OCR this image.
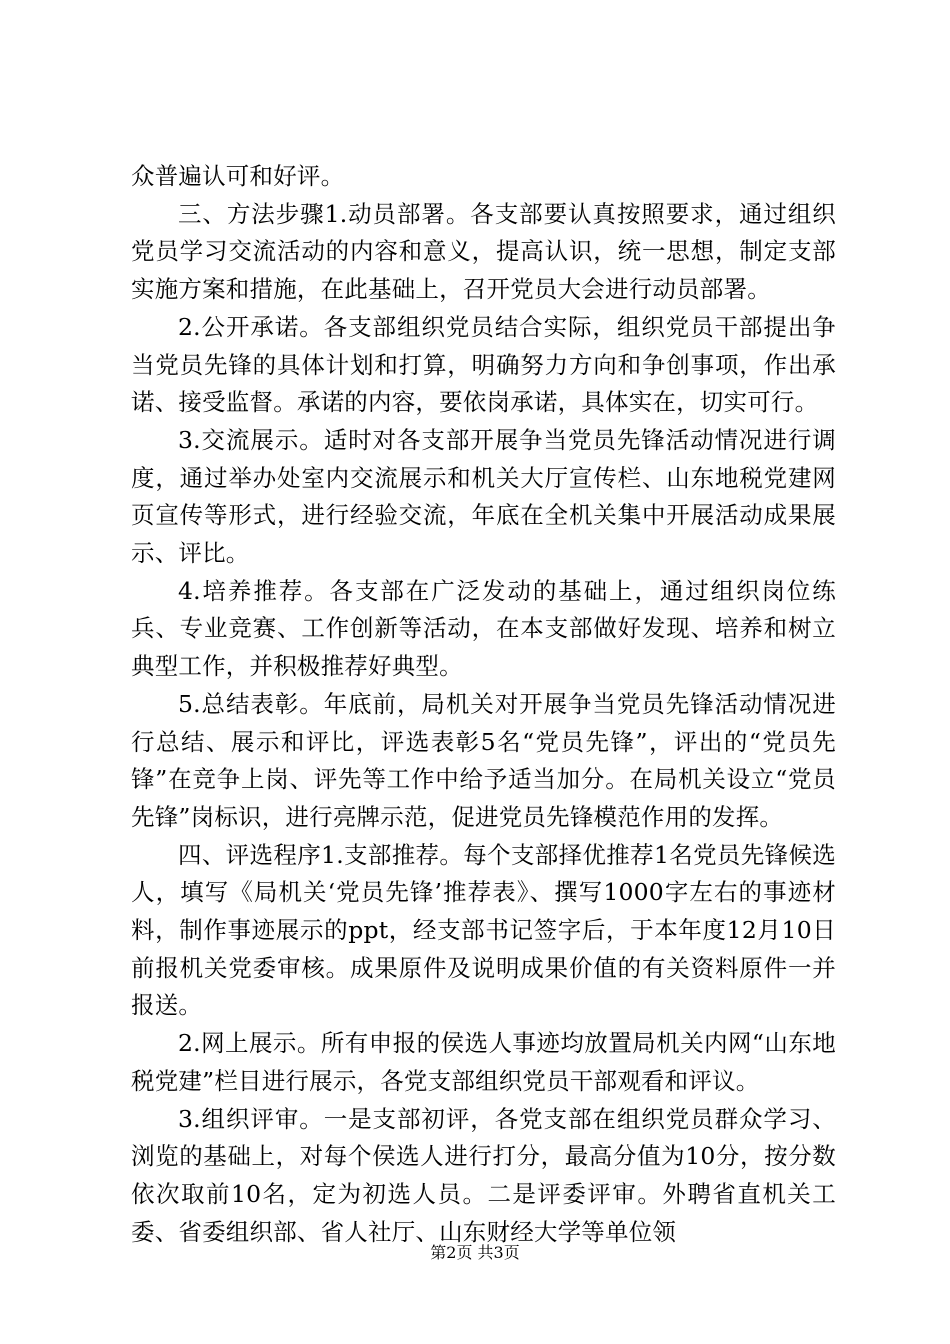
众普遍认可和好评。

三、方法步骤1.动员部署。各支部要认真按照要求，通过组织党员学习交流活动的内容和意义，提高认识，统一思想，制定支部实施方案和措施，在此基础上，召开党员大会进行动员部署。

2.公开承诺。各支部组织党员结合实际，组织党员干部提出争当党员先锋的具体计划和打算，明确努力方向和争创事项，作出承诺、接受监督。承诺的内容，要依岗承诺，具体实在，切实可行。

3.交流展示。适时对各支部开展争当党员先锋活动情况进行调度，通过举办处室内交流展示和机关大厅宣传栏、山东地税党建网页宣传等形式，进行经验交流，年底在全机关集中开展活动成果展示、评比。

4.培养推荐。各支部在广泛发动的基础上，通过组织岗位练兵、专业竞赛、工作创新等活动，在本支部做好发现、培养和树立典型工作，并积极推荐好典型。

5.总结表彰。年底前，局机关对开展争当党员先锋活动情况进行总结、展示和评比，评选表彰5名“党员先锋”，评出的“党员先锋”在竞争上岗、评先等工作中给予适当加分。在局机关设立“党员先锋”岗标识，进行亮牌示范，促进党员先锋模范作用的发挥。

四、评选程序1.支部推荐。每个支部择优推荐1名党员先锋候选人，填写《局机关‘党员先锋’推荐表》、撰写1000字左右的事迹材料，制作事迹展示的ppt，经支部书记签字后，于本年度12月10日前报机关党委审核。成果原件及说明成果价值的有关资料原件一并报送。

2.网上展示。所有申报的侯选人事迹均放置局机关内网“山东地税党建”栏目进行展示，各党支部组织党员干部观看和评议。

3.组织评审。一是支部初评，各党支部在组织党员群众学习、浏览的基础上，对每个侯选人进行打分，最高分值为10分，按分数依次取前10名，定为初选人员。二是评委评审。外聘省直机关工委、省委组织部、省人社厅、山东财经大学等单位领

第2页 共3页
